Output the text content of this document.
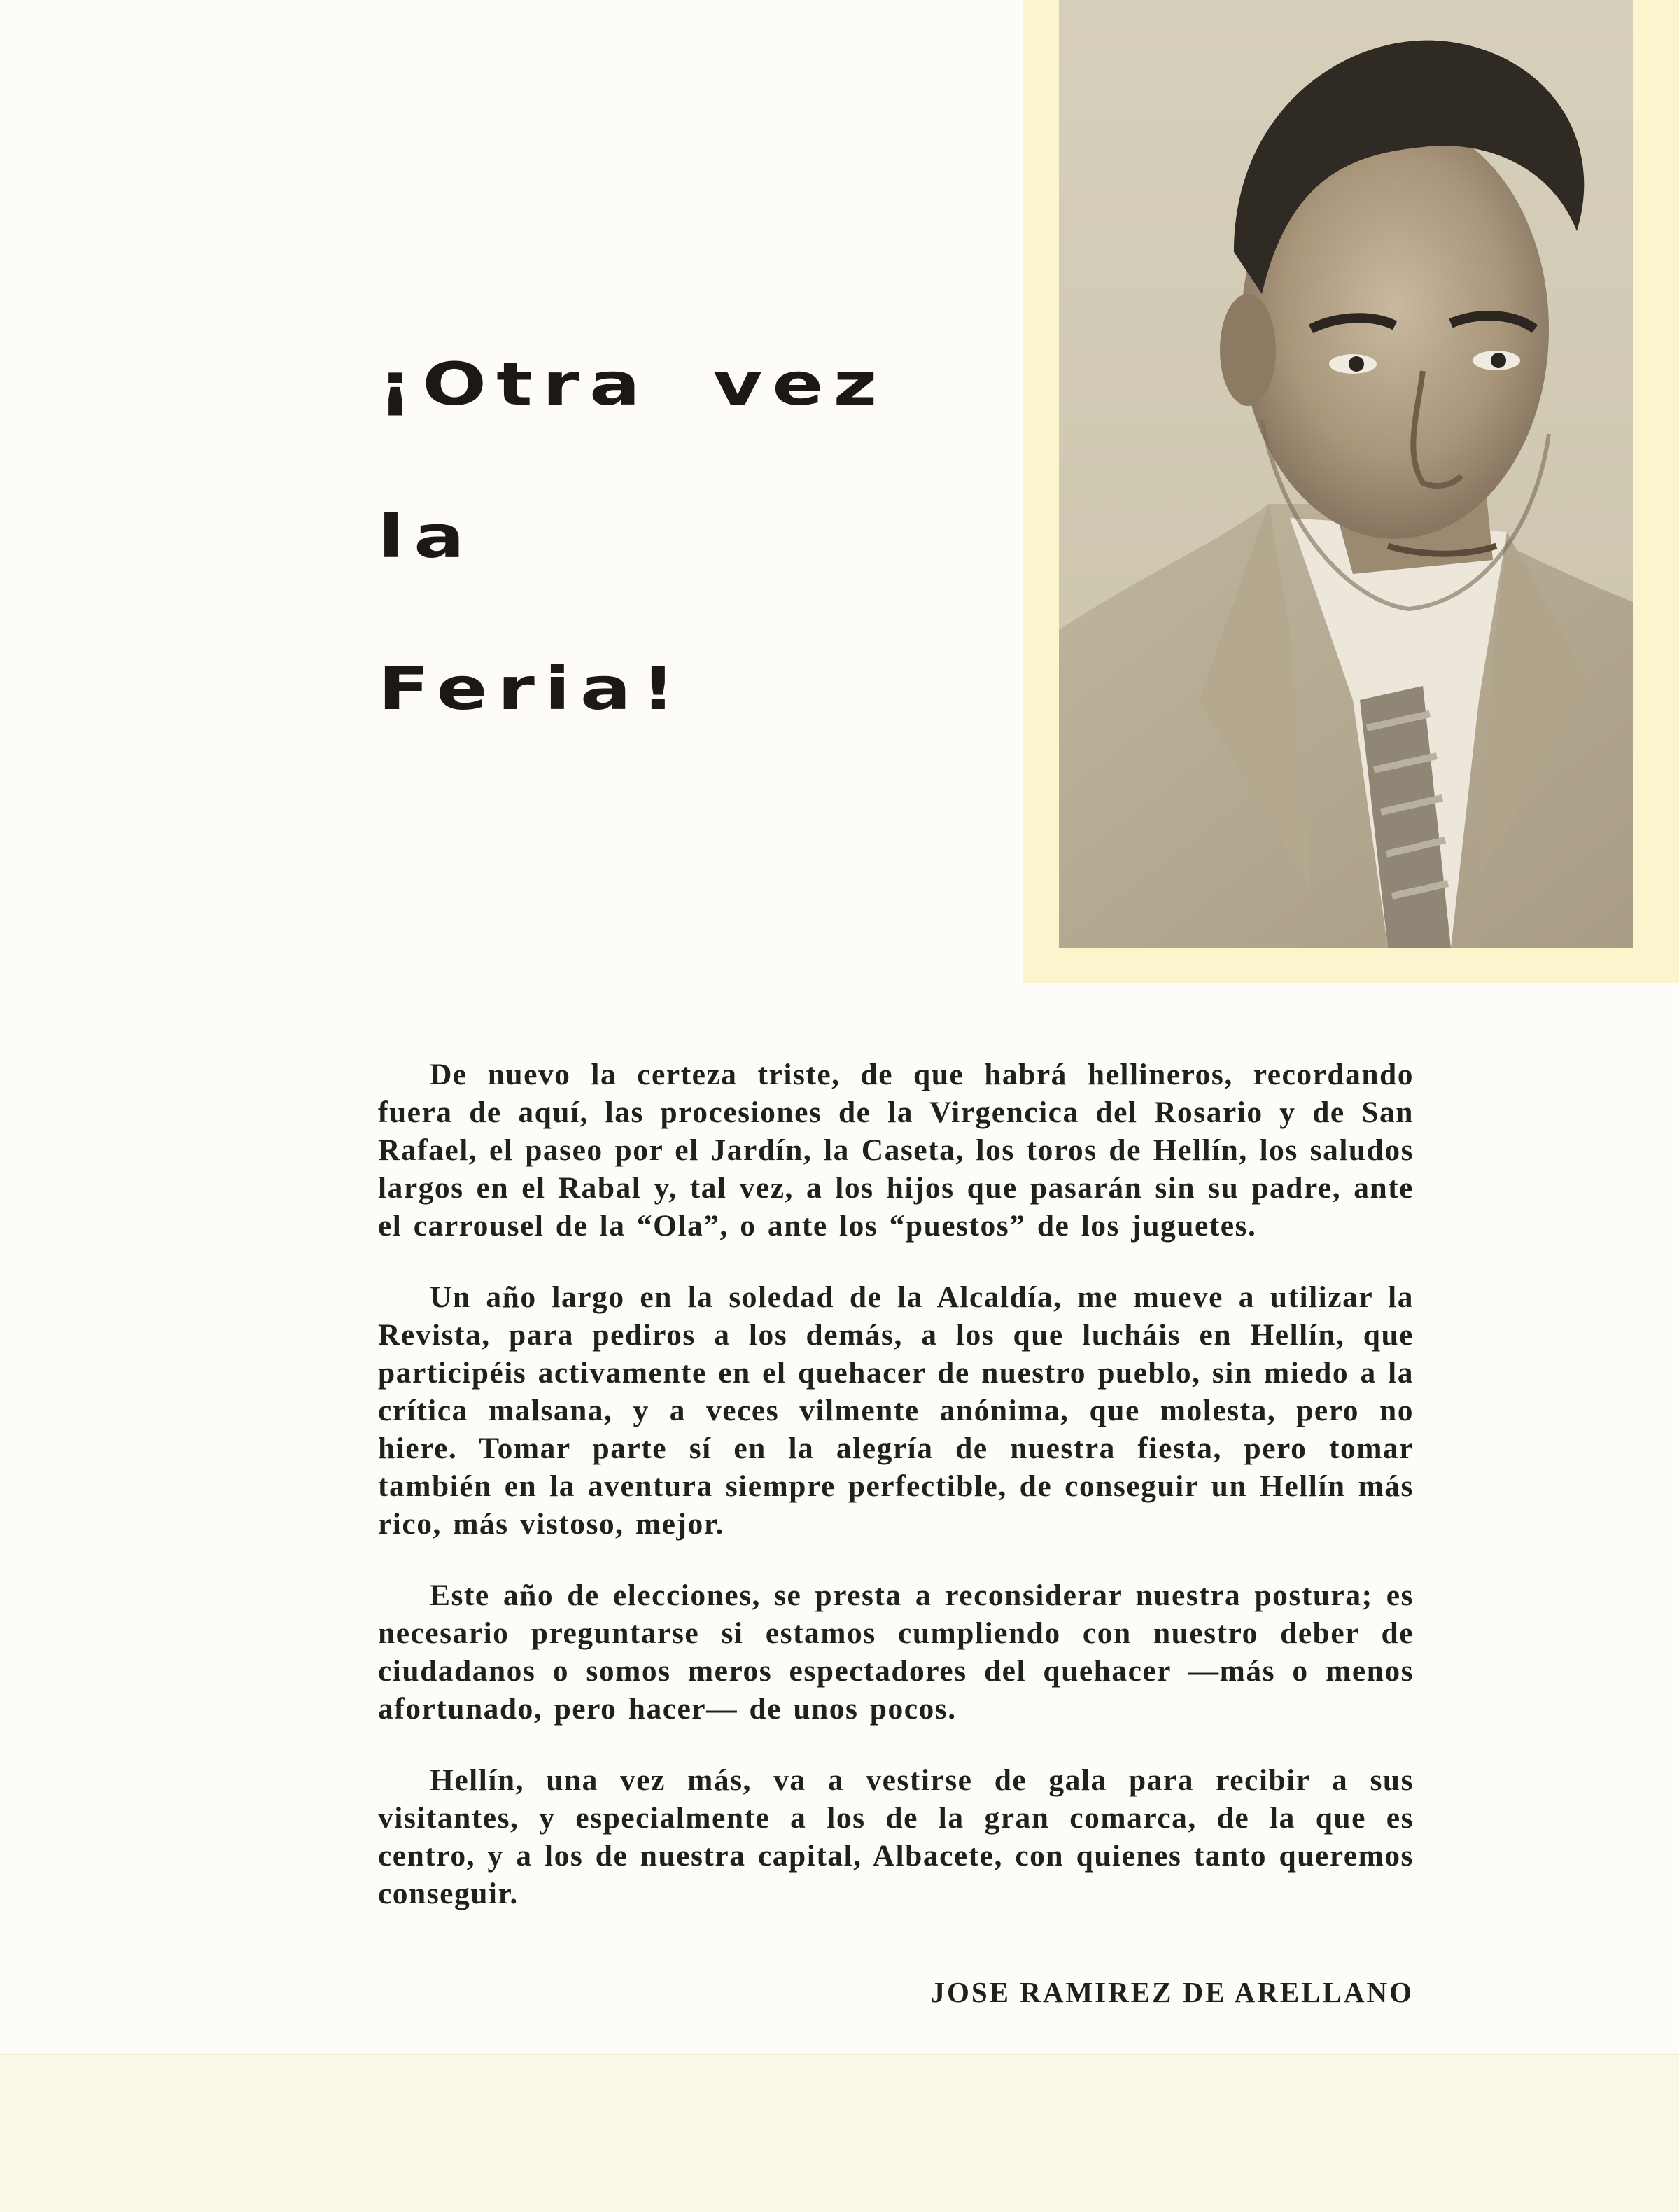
¡Otra vez
la
Feria!

De nuevo la certeza triste, de que habrá hellineros, recordando fuera de aquí, las procesiones de la Virgencica del Rosario y de San Rafael, el paseo por el Jardín, la Caseta, los toros de Hellín, los saludos largos en el Rabal y, tal vez, a los hijos que pasarán sin su padre, ante el carrousel de la “Ola”, o ante los “puestos” de los juguetes.

Un año largo en la soledad de la Alcaldía, me mueve a utilizar la Revista, para pediros a los demás, a los que lucháis en Hellín, que participéis activamente en el quehacer de nuestro pueblo, sin miedo a la crítica malsana, y a veces vilmente anónima, que molesta, pero no hiere. Tomar parte sí en la alegría de nuestra fiesta, pero tomar también en la aventura siempre perfectible, de conseguir un Hellín más rico, más vistoso, mejor.

Este año de elecciones, se presta a reconsiderar nuestra postura; es necesario preguntarse si estamos cumpliendo con nuestro deber de ciudadanos o somos meros espectadores del quehacer —más o menos afortunado, pero hacer— de unos pocos.

Hellín, una vez más, va a vestirse de gala para recibir a sus visitantes, y especialmente a los de la gran comarca, de la que es centro, y a los de nuestra capital, Albacete, con quienes tanto queremos conseguir.

JOSE RAMIREZ DE ARELLANO
